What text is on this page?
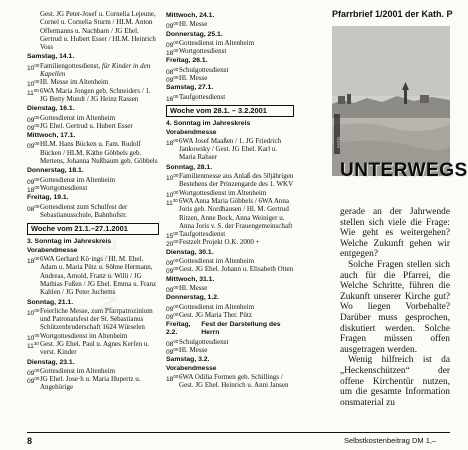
ONLINE
Gest. JG Peter-Josef u. Cornelia Lejeune, Cornel u. Cornelia Sturm / HLM. Anton Offermanns u. Nachbarn / JG Ehel. Gertrud u. Hubert Esser / HLM. Heinrich Voss
Samstag, 14.1.
$10^{00}$ Familiengottesdienst, für Kinder in den Kapellen
$10^{00}$ Hl. Messe im Altenheim
$11^{00}$ 6WA Maria Jongen geb. Schneiders / 1. JG Betty Mundt / JG Heinz Rassen
Dienstag, 16.1.
$09^{00}$ Gottesdienst im Altenheim
$09^{00}$ JG Ehel. Gertrud u. Hubert Esser
Mittwoch, 17.1.
$09^{00}$ HLM. Hans Bücken u. Fam. Rudolf Bücken / HLM. Käthe Göbbels geb. Mertens, Johanna Nußbaum geb. Göbbels
Donnerstag, 18.1.
$09^{00}$ Gottesdienst im Altenheim
$18^{00}$ Wortgottesdienst
Freitag, 19.1.
$08^{00}$ Gottesdienst zum Schulfest der Sebastianusschule, Bahnhofstr.
Woche vom 21.1.–27.1.2001
3. Sonntag im Jahreskreis
Vorabendmesse
$18^{00}$ 6WA Gerhard Kö·ings / Hl. M. Ehel. Adam u. Maria Pütz u. Söhne Hermann, Andreas, Arnold, Franz u. Willi / JG Mathias Fußen / JG Ehel. Emma u. Franz Kahlen / JG Peter Juchems
Sonntag, 21.1.
$10^{00}$ Feierliche Messe, zum Pfarrpatrozinium und Patronatsfest der St. Sebastianus Schützenbruderschaft 1624 Würselen
$10^{00}$ Wortgottesdienst im Altenheim
$11^{30}$ Gest. JG Ehel. Paul u. Agnes Kerfen u. verst. Kinder
Dienstag, 23.1.
$09^{00}$ Gottesdienst im Altenheim
$09^{00}$ JG Ehel. Jose·h u. Maria Hupertz u. Angehörige
Mittwoch, 24.1.
$09^{00}$ Hl. Messe
Donnerstag, 25.1.
$09^{00}$ Gottesdienst im Altenheim
$18^{00}$ Wortgottesdienst
Freitag, 26.1.
$08^{00}$ Schulgottesdienst
$09^{00}$ Hl. Messe
Samstag, 27.1.
$16^{00}$ Taufgottesdienst
Woche vom 28.1. – 3.2.2001
4. Sonntag im Jahreskreis
Vorabendmesse
$18^{00}$ 6WA Josef Maaßen / 1. JG Friedrich Jankowsky / Gest. JG Ehel. Karl u. Maria Rahser
Sonntag, 28.1.
$10^{00}$ Familienmesse aus Anlaß des 50jährigen Bestehens der Prinzengarde des 1. WKV
$10^{00}$ Wortgottesdienst im Altenheim
$11^{30}$ 6WA Anna Maria Göbbels / 6WA Anna Joris geb. Nordhausen / Hl. M. Gertrud Ritzen, Anne Bock, Anna Weiniger u. Anna Joris v. S. der Frauengemeinschaft
$15^{00}$ Taufgottesdienst
$20^{00}$ Festzelt Projekt O.K. 2000 +
Dienstag, 30.1.
$09^{00}$ Gottesdienst im Altenheim
$09^{00}$ Gest. JG Ehel. Johann u. Elisabeth Otten
Mittwoch, 31.1.
$09^{00}$ Hl. Messe
Donnerstag, 1.2.
$09^{00}$ Gottesdienst im Altenheim
$09^{00}$ Gest. JG Maria Ther. Pütz
Freitag, 2.2.
Fest der Darstellung des Herrn
$08^{00}$ Schulgottesdienst
$09^{00}$ Hl. Messe
Samstag, 3.2.
Vorabendmesse
$18^{00}$ 6WA Odilia Formen geb. Schillings / Gest. JG Ehel. Heinrich u. Anni Jansen
Pfarrbrief 1/2001 der Kath. P
FOTO
UNTERWEGS

gerade an der Jahrwende stellen sich viele die Frage: Wie geht es weitergehen? Welche Zukunft gehen wir entgegen?

Solche Fragen stellen sich auch für die Pfarrei, die Welche Schritte, führen die Zukunft unserer Kirche gut? Wo liegen Vorbehalte? Darüber muss gesprochen, diskutiert werden. Solche Fragen müssen offen ausgetragen werden.

Wenig hilfreich ist da „Heckenschützen“ der offene Kirchentür nutzen, um die gesamte Information onsmaterial zu

8	Selbstkostenbeitrag DM 1,–
